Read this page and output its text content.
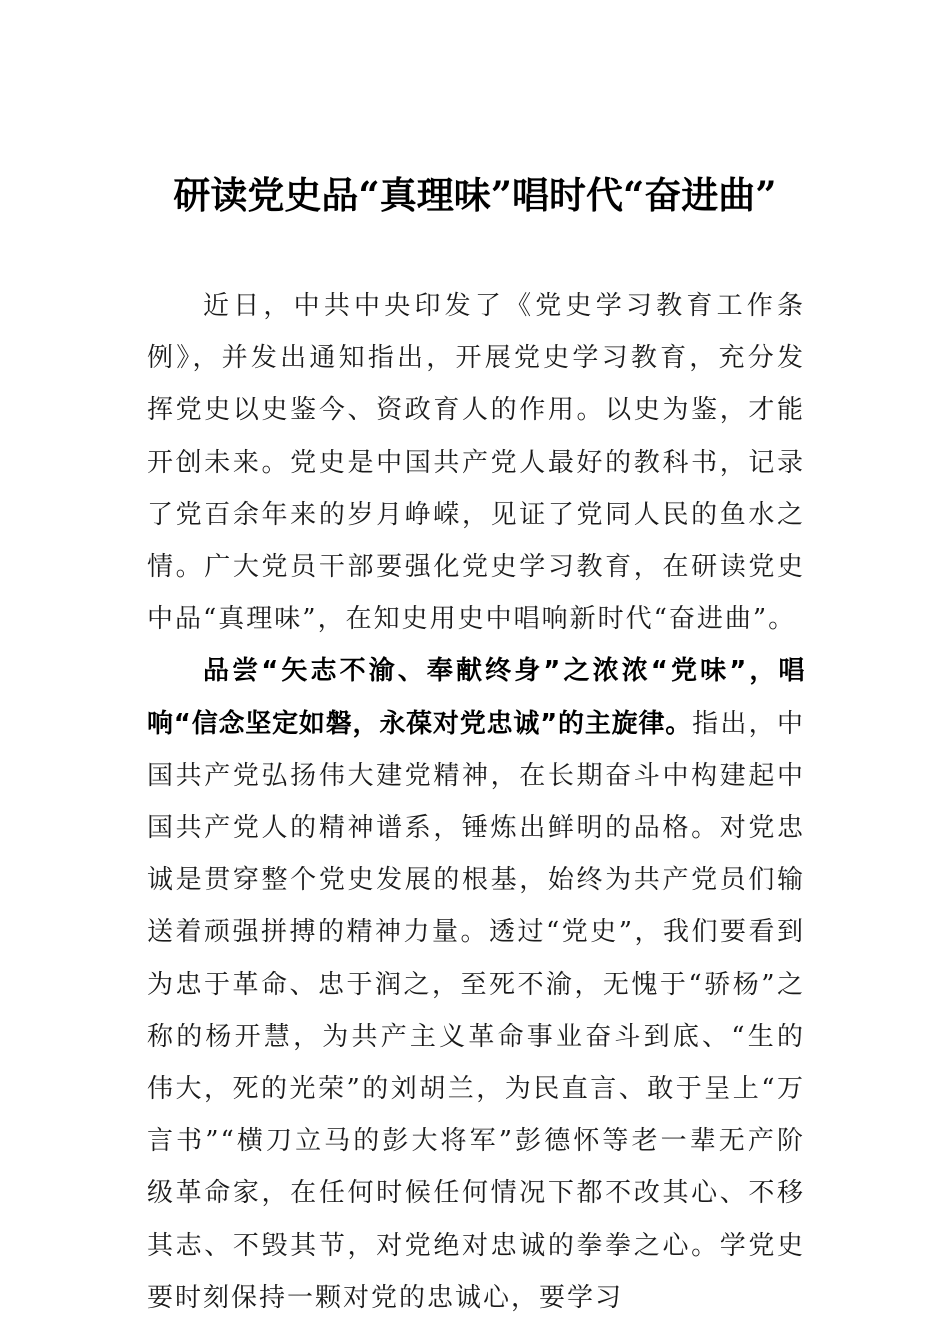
研读党史品“真理味”唱时代“奋进曲”

近日，中共中央印发了《党史学习教育工作条例》，并发出通知指出，开展党史学习教育，充分发挥党史以史鉴今、资政育人的作用。以史为鉴，才能开创未来。党史是中国共产党人最好的教科书，记录了党百余年来的岁月峥嵘，见证了党同人民的鱼水之情。广大党员干部要强化党史学习教育，在研读党史中品“真理味”，在知史用史中唱响新时代“奋进曲”。

品尝“矢志不渝、奉献终身”之浓浓“党味”，唱响“信念坚定如磐，永葆对党忠诚”的主旋律。指出，中国共产党弘扬伟大建党精神，在长期奋斗中构建起中国共产党人的精神谱系，锤炼出鲜明的品格。对党忠诚是贯穿整个党史发展的根基，始终为共产党员们输送着顽强拼搏的精神力量。透过“党史”，我们要看到为忠于革命、忠于润之，至死不渝，无愧于“骄杨”之称的杨开慧，为共产主义革命事业奋斗到底、“生的伟大，死的光荣”的刘胡兰，为民直言、敢于呈上“万言书”“横刀立马的彭大将军”彭德怀等老一辈无产阶级革命家，在任何时候任何情况下都不改其心、不移其志、不毁其节，对党绝对忠诚的拳拳之心。学党史要时刻保持一颗对党的忠诚心，要学习
